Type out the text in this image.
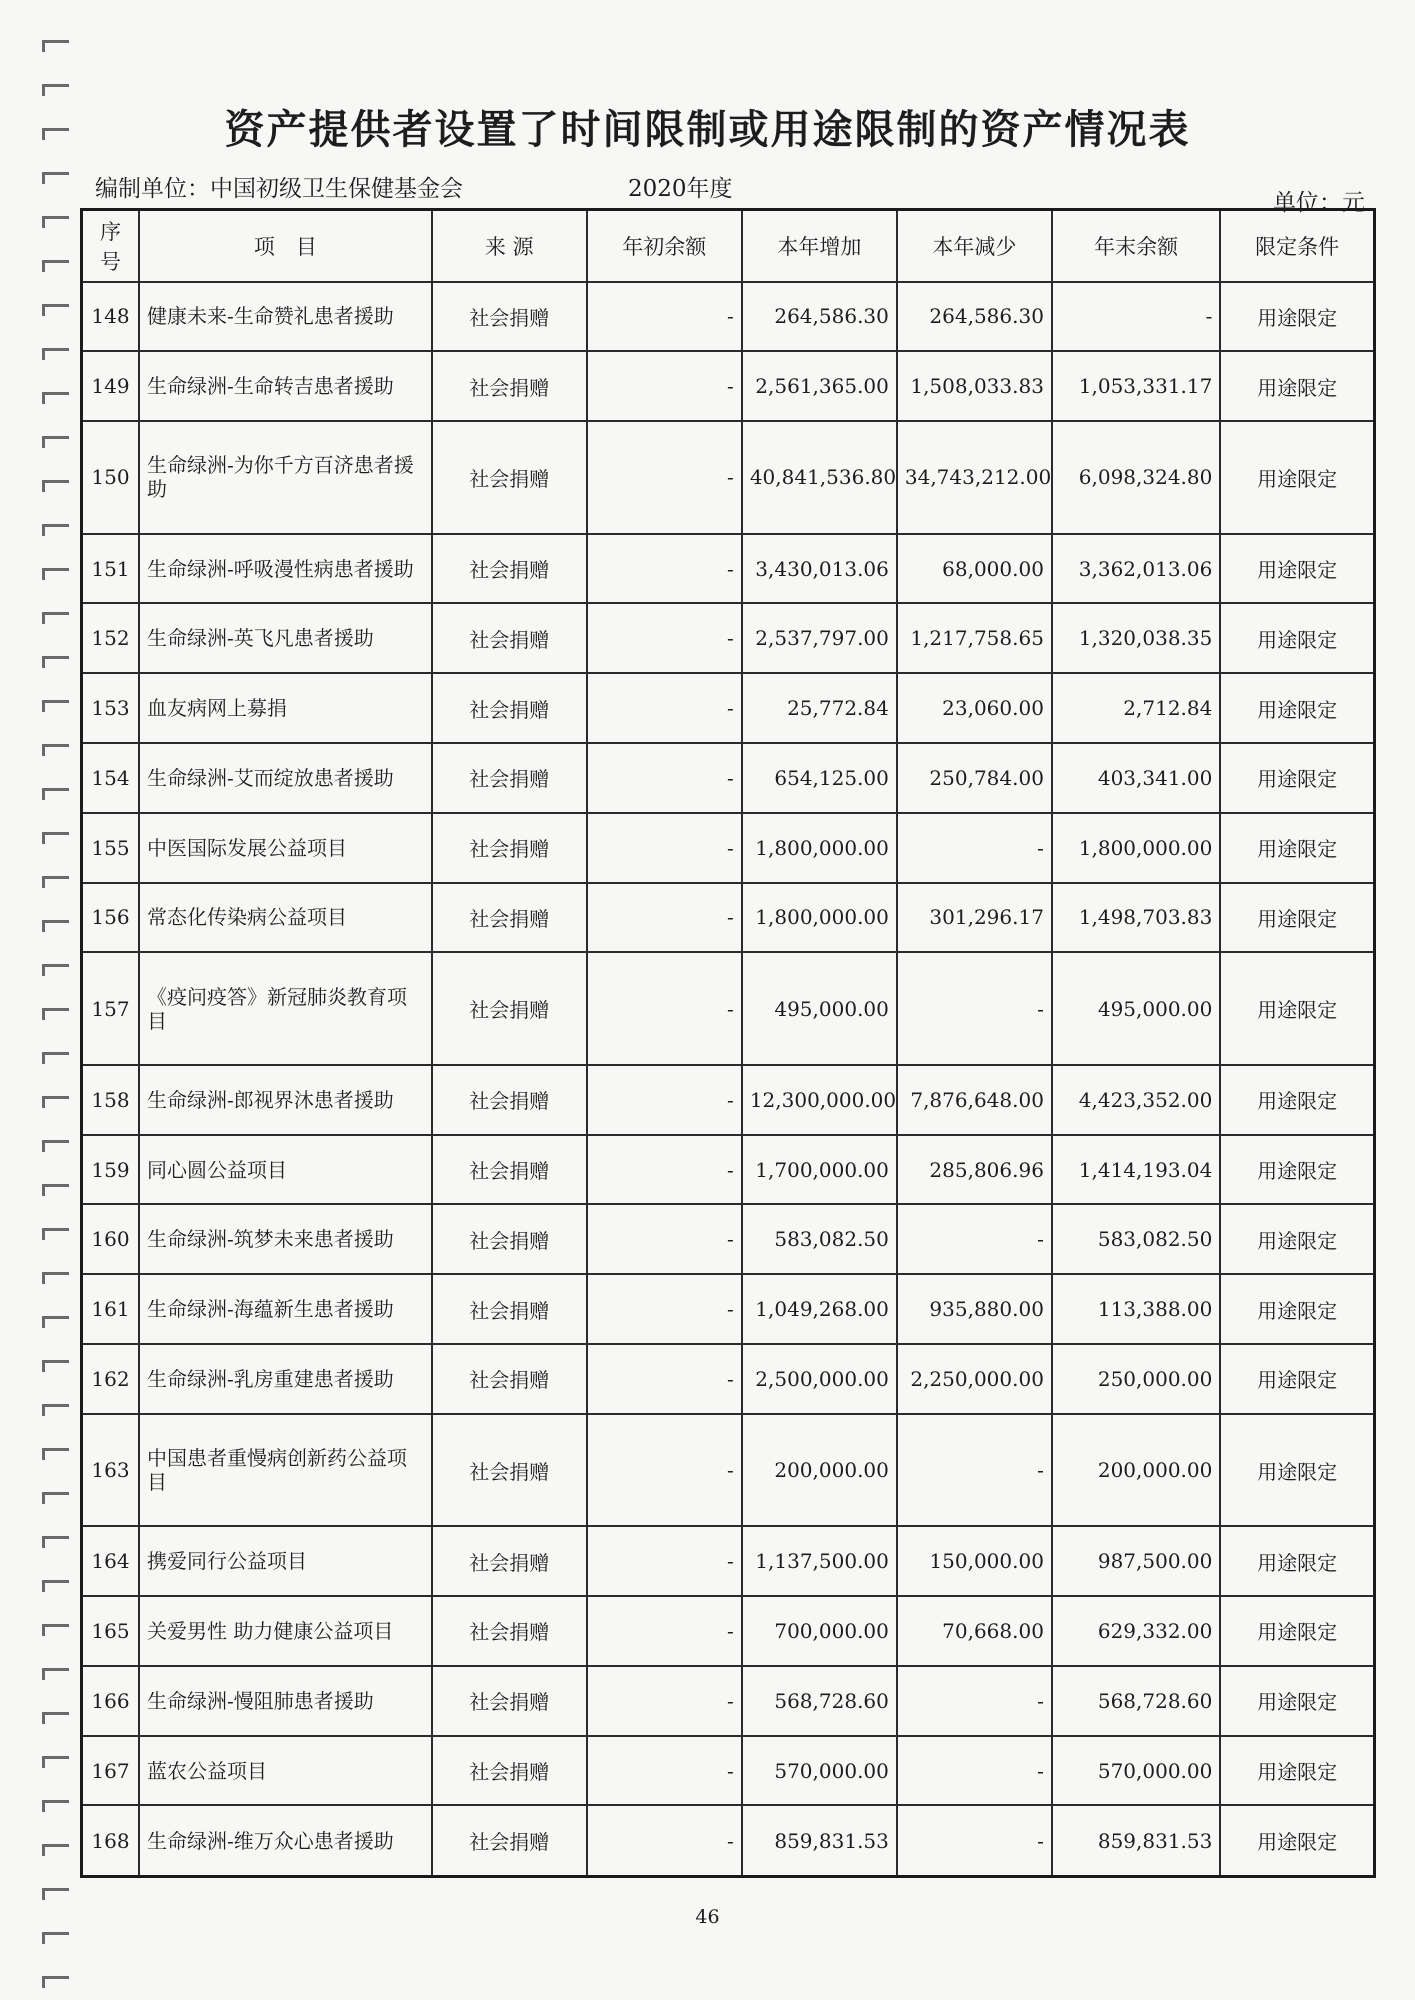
资产提供者设置了时间限制或用途限制的资产情况表
编制单位：中国初级卫生保健基金会	2020年度
单位：元
序号	项　目	来 源	年初余额	本年增加	本年减少	年末余额	限定条件
148	健康未来-生命赞礼患者援助	社会捐赠	-	264,586.30	264,586.30	-	用途限定
149	生命绿洲-生命转吉患者援助	社会捐赠	-	2,561,365.00	1,508,033.83	1,053,331.17	用途限定
150	生命绿洲-为你千方百济患者援助	社会捐赠	-	40,841,536.80	34,743,212.00	6,098,324.80	用途限定
151	生命绿洲-呼吸漫性病患者援助	社会捐赠	-	3,430,013.06	68,000.00	3,362,013.06	用途限定
152	生命绿洲-英飞凡患者援助	社会捐赠	-	2,537,797.00	1,217,758.65	1,320,038.35	用途限定
153	血友病网上募捐	社会捐赠	-	25,772.84	23,060.00	2,712.84	用途限定
154	生命绿洲-艾而绽放患者援助	社会捐赠	-	654,125.00	250,784.00	403,341.00	用途限定
155	中医国际发展公益项目	社会捐赠	-	1,800,000.00	-	1,800,000.00	用途限定
156	常态化传染病公益项目	社会捐赠	-	1,800,000.00	301,296.17	1,498,703.83	用途限定
157	《疫问疫答》新冠肺炎教育项目	社会捐赠	-	495,000.00	-	495,000.00	用途限定
158	生命绿洲-郎视界沐患者援助	社会捐赠	-	12,300,000.00	7,876,648.00	4,423,352.00	用途限定
159	同心圆公益项目	社会捐赠	-	1,700,000.00	285,806.96	1,414,193.04	用途限定
160	生命绿洲-筑梦未来患者援助	社会捐赠	-	583,082.50	-	583,082.50	用途限定
161	生命绿洲-海蕴新生患者援助	社会捐赠	-	1,049,268.00	935,880.00	113,388.00	用途限定
162	生命绿洲-乳房重建患者援助	社会捐赠	-	2,500,000.00	2,250,000.00	250,000.00	用途限定
163	中国患者重慢病创新药公益项目	社会捐赠	-	200,000.00	-	200,000.00	用途限定
164	携爱同行公益项目	社会捐赠	-	1,137,500.00	150,000.00	987,500.00	用途限定
165	关爱男性 助力健康公益项目	社会捐赠	-	700,000.00	70,668.00	629,332.00	用途限定
166	生命绿洲-慢阻肺患者援助	社会捐赠	-	568,728.60	-	568,728.60	用途限定
167	蓝农公益项目	社会捐赠	-	570,000.00	-	570,000.00	用途限定
168	生命绿洲-维万众心患者援助	社会捐赠	-	859,831.53	-	859,831.53	用途限定
46
